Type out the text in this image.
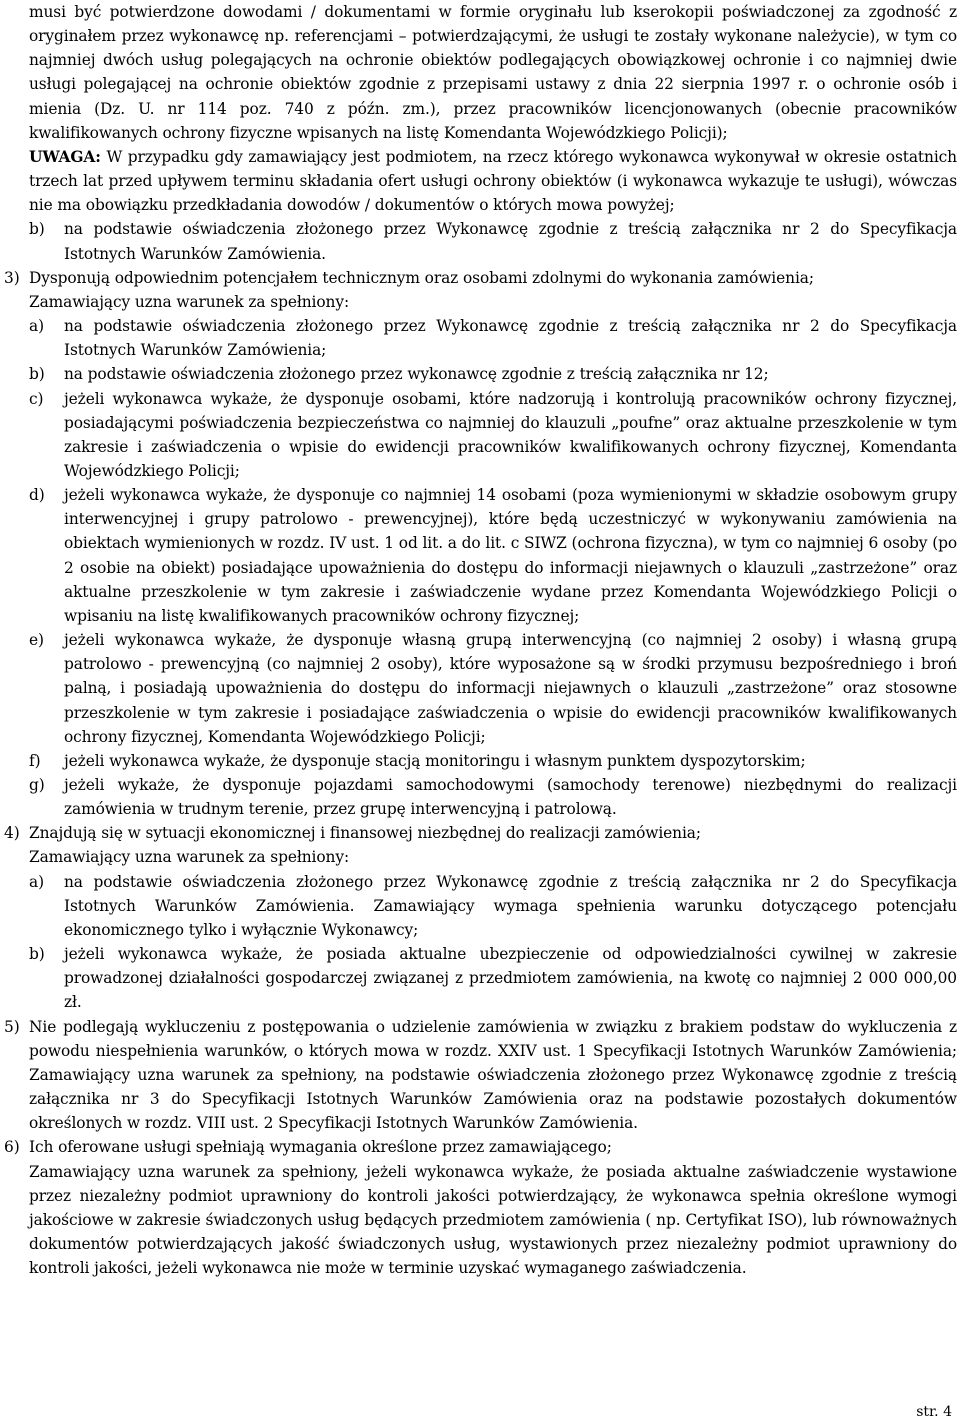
musi być potwierdzone dowodami / dokumentami w formie oryginału lub kserokopii poświadczonej za zgodność z oryginałem przez wykonawcę np. referencjami – potwierdzającymi, że usługi te zostały wykonane należycie), w tym co najmniej dwóch usług polegających na ochronie obiektów podlegających obowiązkowej ochronie i co najmniej dwie usługi polegającej na ochronie obiektów zgodnie z przepisami ustawy z dnia 22 sierpnia 1997 r. o ochronie osób i mienia (Dz. U. nr 114 poz. 740 z późn. zm.), przez pracowników licencjonowanych (obecnie pracowników kwalifikowanych ochrony fizyczne wpisanych na listę Komendanta Wojewódzkiego Policji);

UWAGA: W przypadku gdy zamawiający jest podmiotem, na rzecz którego wykonawca wykonywał w okresie ostatnich trzech lat przed upływem terminu składania ofert usługi ochrony obiektów (i wykonawca wykazuje te usługi), wówczas nie ma obowiązku przedkładania dowodów / dokumentów o których mowa powyżej;

b)	na podstawie oświadczenia złożonego przez Wykonawcę zgodnie z treścią załącznika nr 2 do Specyfikacja Istotnych Warunków Zamówienia.
3) Dysponują odpowiednim potencjałem technicznym oraz osobami zdolnymi do wykonania zamówienia;

Zamawiający uzna warunek za spełniony:

a)	na podstawie oświadczenia złożonego przez Wykonawcę zgodnie z treścią załącznika nr 2 do Specyfikacja Istotnych Warunków Zamówienia;
b)	na podstawie oświadczenia złożonego przez wykonawcę zgodnie z treścią załącznika nr 12;
c)	jeżeli wykonawca wykaże, że dysponuje osobami, które nadzorują i kontrolują pracowników ochrony fizycznej, posiadającymi poświadczenia bezpieczeństwa co najmniej do klauzuli „poufne” oraz aktualne przeszkolenie w tym zakresie i zaświadczenia o wpisie do ewidencji pracowników kwalifikowanych ochrony fizycznej, Komendanta Wojewódzkiego Policji;
d)	jeżeli wykonawca wykaże, że dysponuje co najmniej 14 osobami (poza wymienionymi w składzie osobowym grupy interwencyjnej i grupy patrolowo - prewencyjnej), które będą uczestniczyć w wykonywaniu zamówienia na obiektach wymienionych w rozdz. IV ust. 1 od lit. a do lit. c SIWZ (ochrona fizyczna), w tym co najmniej 6 osoby (po 2 osobie na obiekt) posiadające upoważnienia do dostępu do informacji niejawnych o klauzuli „zastrzeżone” oraz aktualne przeszkolenie w tym zakresie i zaświadczenie wydane przez Komendanta Wojewódzkiego Policji o wpisaniu na listę kwalifikowanych pracowników ochrony fizycznej;
e)	jeżeli wykonawca wykaże, że dysponuje własną grupą interwencyjną (co najmniej 2 osoby) i własną grupą patrolowo - prewencyjną (co najmniej 2 osoby), które wyposażone są w środki przymusu bezpośredniego i broń palną, i posiadają upoważnienia do dostępu do informacji niejawnych o klauzuli „zastrzeżone” oraz stosowne przeszkolenie w tym zakresie i posiadające zaświadczenia o wpisie do ewidencji pracowników kwalifikowanych ochrony fizycznej, Komendanta Wojewódzkiego Policji;
f)	jeżeli wykonawca wykaże, że dysponuje stacją monitoringu i własnym punktem dyspozytorskim;
g)	jeżeli wykaże, że dysponuje pojazdami samochodowymi (samochody terenowe) niezbędnymi do realizacji zamówienia w trudnym terenie, przez grupę interwencyjną i patrolową.
4) Znajdują się w sytuacji ekonomicznej i finansowej niezbędnej do realizacji zamówienia;

Zamawiający uzna warunek za spełniony:

a)	na podstawie oświadczenia złożonego przez Wykonawcę zgodnie z treścią załącznika nr 2 do Specyfikacja Istotnych Warunków Zamówienia. Zamawiający wymaga spełnienia warunku dotyczącego potencjału ekonomicznego tylko i wyłącznie Wykonawcy;
b)	jeżeli wykonawca wykaże, że posiada aktualne ubezpieczenie od odpowiedzialności cywilnej w zakresie prowadzonej działalności gospodarczej związanej z przedmiotem zamówienia, na kwotę co najmniej 2 000 000,00 zł.
5) Nie podlegają wykluczeniu z postępowania o udzielenie zamówienia w związku z brakiem podstaw do wykluczenia z powodu niespełnienia warunków, o których mowa w rozdz. XXIV ust. 1 Specyfikacji Istotnych Warunków Zamówienia; Zamawiający uzna warunek za spełniony, na podstawie oświadczenia złożonego przez Wykonawcę zgodnie z treścią załącznika nr 3 do Specyfikacji Istotnych Warunków Zamówienia oraz na podstawie pozostałych dokumentów określonych w rozdz. VIII ust. 2 Specyfikacji Istotnych Warunków Zamówienia.
6) Ich oferowane usługi spełniają wymagania określone przez zamawiającego;

Zamawiający uzna warunek za spełniony, jeżeli wykonawca wykaże, że posiada aktualne zaświadczenie wystawione przez niezależny podmiot uprawniony do kontroli jakości potwierdzający, że wykonawca spełnia określone wymogi jakościowe w zakresie świadczonych usług będących przedmiotem zamówienia ( np. Certyfikat ISO), lub równoważnych dokumentów potwierdzających jakość świadczonych usług, wystawionych przez niezależny podmiot uprawniony do kontroli jakości, jeżeli wykonawca nie może w terminie uzyskać wymaganego zaświadczenia.

str. 4
